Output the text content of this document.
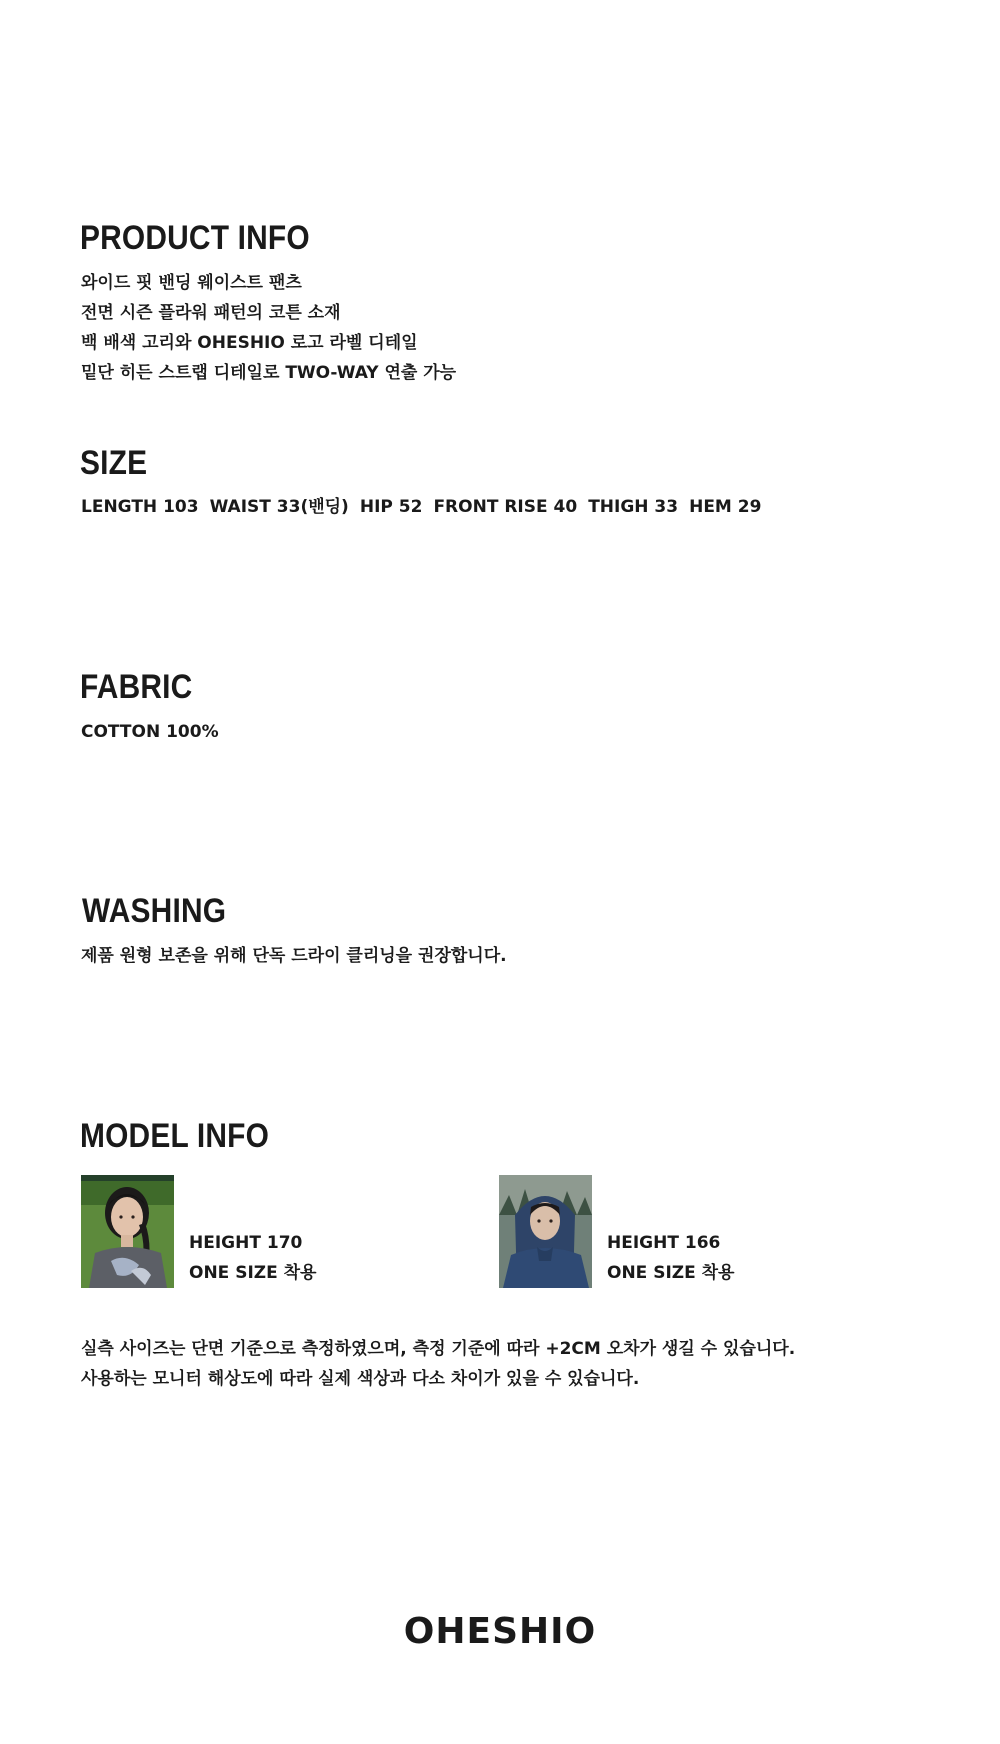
PRODUCT INFO
와이드 핏 밴딩 웨이스트 팬츠
전면 시즌 플라워 패턴의 코튼 소재
백 배색 고리와 OHESHIO 로고 라벨 디테일
밑단 히든 스트랩 디테일로 TWO-WAY 연출 가능
SIZE
LENGTH 103 WAIST 33(밴딩) HIP 52 FRONT RISE 40 THIGH 33 HEM 29
FABRIC
COTTON 100%
WASHING
제품 원형 보존을 위해 단독 드라이 클리닝을 권장합니다.
MODEL INFO
HEIGHT 170
ONE SIZE 착용
HEIGHT 166
ONE SIZE 착용
실측 사이즈는 단면 기준으로 측정하였으며, 측정 기준에 따라 +2CM 오차가 생길 수 있습니다.
사용하는 모니터 해상도에 따라 실제 색상과 다소 차이가 있을 수 있습니다.
OHESHIO
